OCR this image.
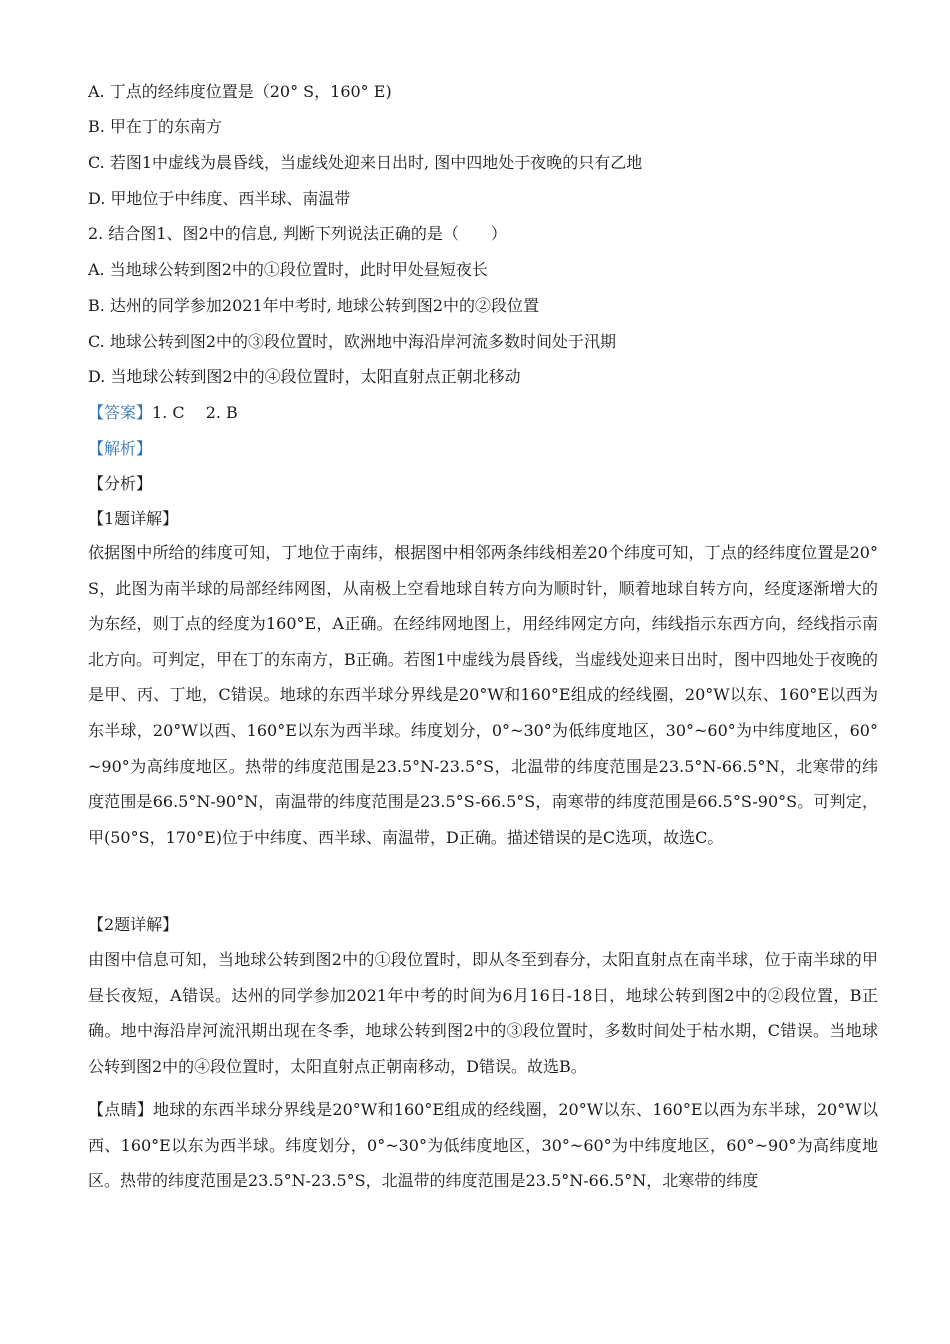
A. 丁点的经纬度位置是（20° S，160° E)
B. 甲在丁的东南方
C. 若图1中虚线为晨昏线，当虚线处迎来日出时, 图中四地处于夜晚的只有乙地
D. 甲地位于中纬度、西半球、南温带
2. 结合图1、图2中的信息, 判断下列说法正确的是（　　）
A. 当地球公转到图2中的①段位置时，此时甲处昼短夜长
B. 达州的同学参加2021年中考时, 地球公转到图2中的②段位置
C. 地球公转到图2中的③段位置时，欧洲地中海沿岸河流多数时间处于汛期
D. 当地球公转到图2中的④段位置时，太阳直射点正朝北移动
【答案】1. C　 2. B
【解析】
【分析】
【1题详解】
依据图中所给的纬度可知，丁地位于南纬，根据图中相邻两条纬线相差20个纬度可知，丁点的经纬度位置是20°S，此图为南半球的局部经纬网图，从南极上空看地球自转方向为顺时针，顺着地球自转方向，经度逐渐增大的为东经，则丁点的经度为160°E，A正确。在经纬网地图上，用经纬网定方向，纬线指示东西方向，经线指示南北方向。可判定，甲在丁的东南方，B正确。若图1中虚线为晨昏线，当虚线处迎来日出时，图中四地处于夜晚的是甲、丙、丁地，C错误。地球的东西半球分界线是20°W和160°E组成的经线圈，20°W以东、160°E以西为东半球，20°W以西、160°E以东为西半球。纬度划分，0°~30°为低纬度地区，30°~60°为中纬度地区，60°~90°为高纬度地区。热带的纬度范围是23.5°N-23.5°S，北温带的纬度范围是23.5°N-66.5°N，北寒带的纬度范围是66.5°N-90°N，南温带的纬度范围是23.5°S-66.5°S，南寒带的纬度范围是66.5°S-90°S。可判定，甲(50°S，170°E)位于中纬度、西半球、南温带，D正确。描述错误的是C选项，故选C。
【2题详解】
由图中信息可知，当地球公转到图2中的①段位置时，即从冬至到春分，太阳直射点在南半球，位于南半球的甲昼长夜短，A错误。达州的同学参加2021年中考的时间为6月16日-18日，地球公转到图2中的②段位置，B正确。地中海沿岸河流汛期出现在冬季，地球公转到图2中的③段位置时，多数时间处于枯水期，C错误。当地球公转到图2中的④段位置时，太阳直射点正朝南移动，D错误。故选B。
【点睛】地球的东西半球分界线是20°W和160°E组成的经线圈，20°W以东、160°E以西为东半球，20°W以西、160°E以东为西半球。纬度划分，0°~30°为低纬度地区，30°~60°为中纬度地区，60°~90°为高纬度地区。热带的纬度范围是23.5°N-23.5°S，北温带的纬度范围是23.5°N-66.5°N，北寒带的纬度
